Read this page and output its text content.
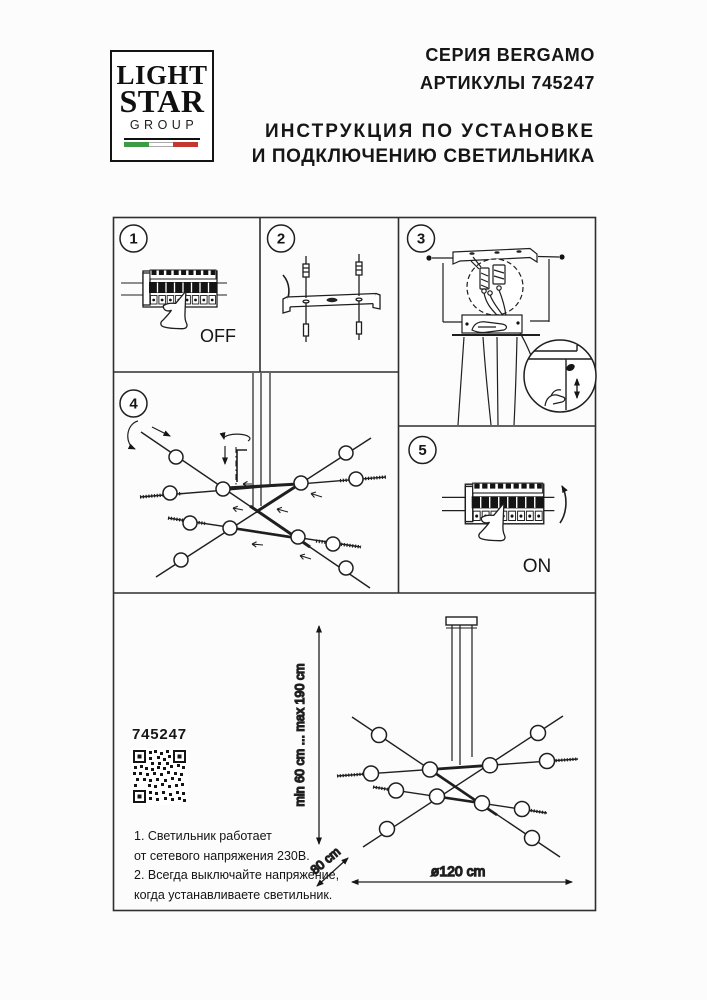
LIGHT
STAR
GROUP
СЕРИЯ BERGAMO
АРТИКУЛЫ 745247
ИНСТРУКЦИЯ ПО УСТАНОВКЕ
И ПОДКЛЮЧЕНИЮ СВЕТИЛЬНИКА
1	2	3
4
5
OFF
ON
min 60 cm ... max 190 cm
80 cm	ø120 cm
745247
1. Светильник работает
от сетевого напряжения 230В.
2. Всегда выключайте напряжение,
когда устанавливаете светильник.
